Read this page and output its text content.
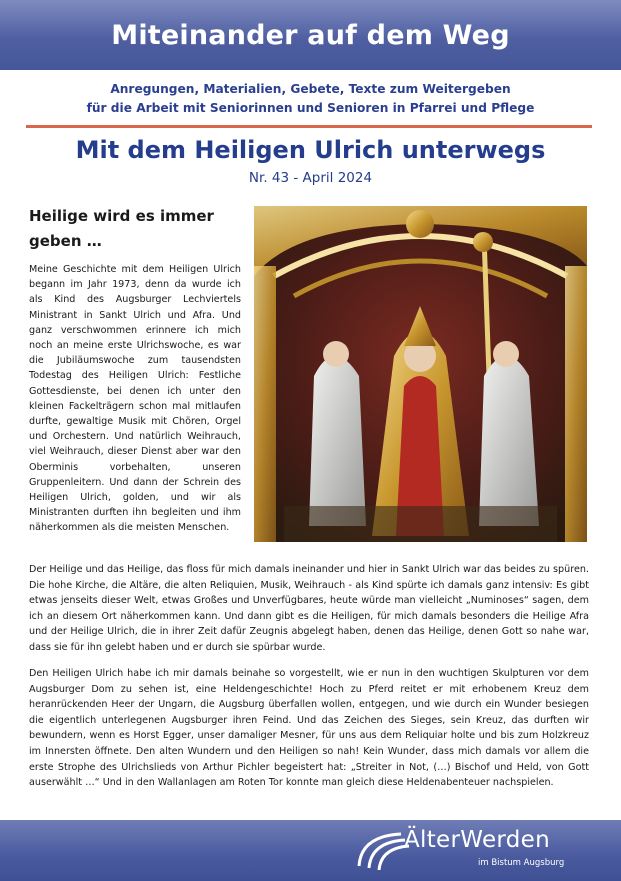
Miteinander auf dem Weg
Anregungen, Materialien, Gebete, Texte zum Weitergeben
für die Arbeit mit Seniorinnen und Senioren in Pfarrei und Pflege
Mit dem Heiligen Ulrich unterwegs
Nr. 43 - April 2024
Heilige wird es immer geben …
Meine Geschichte mit dem Heiligen Ulrich begann im Jahr 1973, denn da wurde ich als Kind des Augsburger Lechviertels Ministrant in Sankt Ulrich und Afra. Und ganz verschwommen erinnere ich mich noch an meine erste Ulrichswoche, es war die Jubiläumswoche zum tausendsten Todestag des Heiligen Ulrich: Festliche Gottesdienste, bei denen ich unter den kleinen Fackelträgern schon mal mitlaufen durfte, gewaltige Musik mit Chören, Orgel und Orchestern. Und natürlich Weihrauch, viel Weihrauch, dieser Dienst aber war den Oberminis vorbehalten, unseren Gruppenleitern. Und dann der Schrein des Heiligen Ulrich, golden, und wir als Ministranten durften ihn begleiten und ihm näherkommen als die meisten Menschen.
Der Heilige und das Heilige, das floss für mich damals ineinander und hier in Sankt Ulrich war das beides zu spüren. Die hohe Kirche, die Altäre, die alten Reliquien, Musik, Weihrauch - als Kind spürte ich damals ganz intensiv: Es gibt etwas jenseits dieser Welt, etwas Großes und Unverfügbares, heute würde man vielleicht „Numinoses“ sagen, dem ich an diesem Ort näherkommen kann. Und dann gibt es die Heiligen, für mich damals besonders die Heilige Afra und der Heilige Ulrich, die in ihrer Zeit dafür Zeugnis abgelegt haben, denen das Heilige, denen Gott so nahe war, dass sie für ihn gelebt haben und er durch sie spürbar wurde.
Den Heiligen Ulrich habe ich mir damals beinahe so vorgestellt, wie er nun in den wuchtigen Skulpturen vor dem Augsburger Dom zu sehen ist, eine Heldengeschichte! Hoch zu Pferd reitet er mit erhobenem Kreuz dem heranrückenden Heer der Ungarn, die Augsburg überfallen wollen, entgegen, und wie durch ein Wunder besiegen die eigentlich unterlegenen Augsburger ihren Feind. Und das Zeichen des Sieges, sein Kreuz, das durften wir bewundern, wenn es Horst Egger, unser damaliger Mesner, für uns aus dem Reliquiar holte und bis zum Holzkreuz im Innersten öffnete. Den alten Wundern und den Heiligen so nah! Kein Wunder, dass mich damals vor allem die erste Strophe des Ulrichslieds von Arthur Pichler begeistert hat: „Streiter in Not, (…) Bischof und Held, von Gott auserwählt …“ Und in den Wallanlagen am Roten Tor konnte man gleich diese Heldenabenteuer nachspielen.
ÄlterWerden
im Bistum Augsburg
